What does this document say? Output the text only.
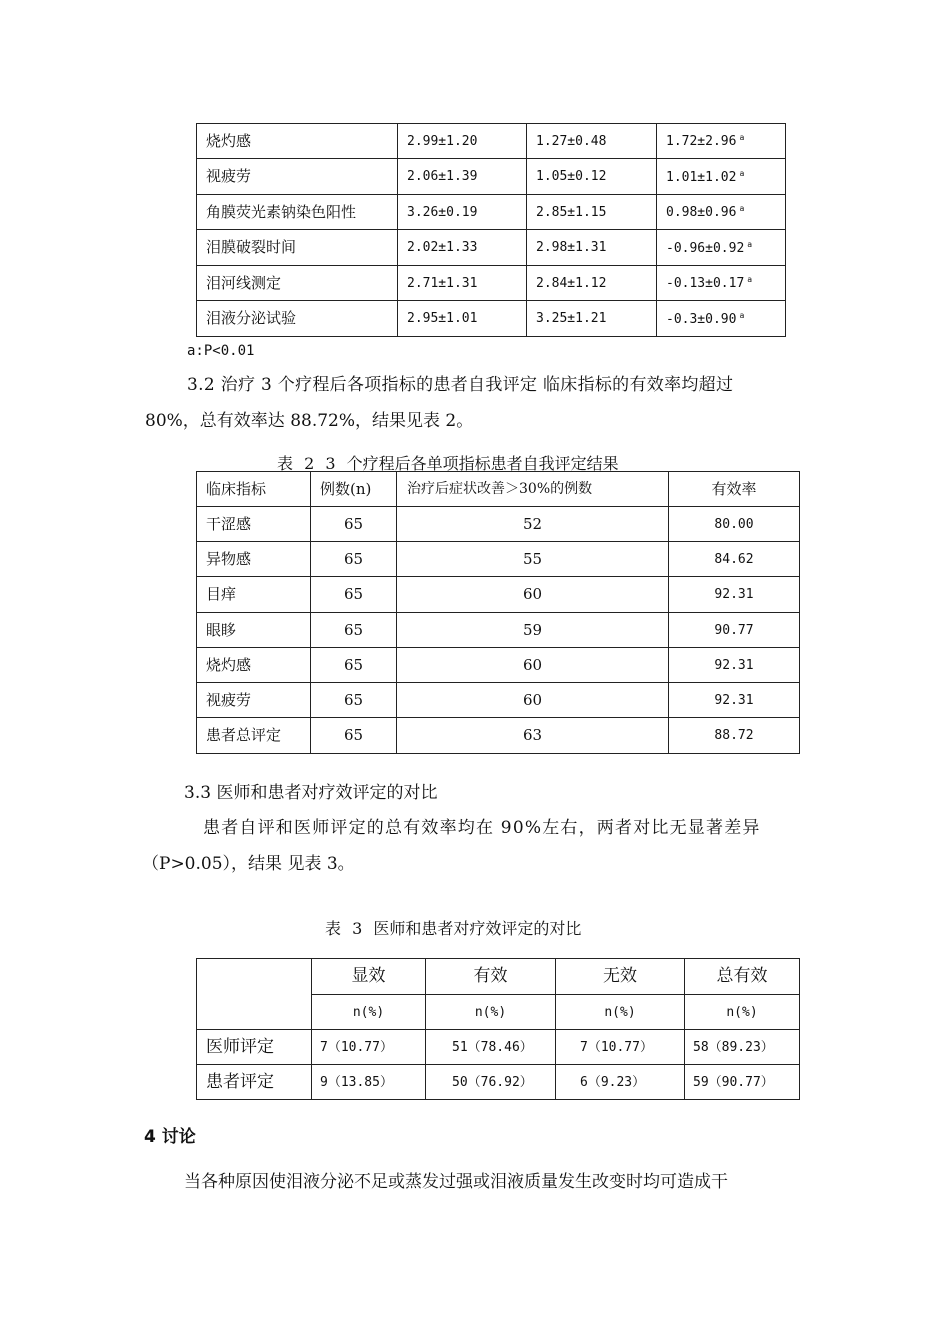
烧灼感	2.99±1.20	1.27±0.48	1.72±2.96 $^a$
视疲劳	2.06±1.39	1.05±0.12	1.01±1.02 $^a$
角膜荧光素钠染色阳性	3.26±0.19	2.85±1.15	0.98±0.96 $^a$
泪膜破裂时间	2.02±1.33	2.98±1.31	-0.96±0.92 $^a$
泪河线测定	2.71±1.31	2.84±1.12	-0.13±0.17 $^a$
泪液分泌试验	2.95±1.01	3.25±1.21	-0.3±0.90 $^a$
a:P<0.01
3.2 治疗 3 个疗程后各项指标的患者自我评定 临床指标的有效率均超过
80%，总有效率达 88.72%，结果见表 2。
表 2 3 个疗程后各单项指标患者自我评定结果
临床指标	例数(n)	治疗后症状改善＞30%的例数	有效率
干涩感	65	52	80.00
异物感	65	55	84.62
目痒	65	60	92.31
眼眵	65	59	90.77
烧灼感	65	60	92.31
视疲劳	65	60	92.31
患者总评定	65	63	88.72
3.3 医师和患者对疗效评定的对比
患者自评和医师评定的总有效率均在 90%左右，两者对比无显著差异
（P>0.05），结果 见表 3。
表 3 医师和患者对疗效评定的对比
	显效	有效	无效	总有效
	n(%)	n(%)	n(%)	n(%)
医师评定	7（10.77）	51（78.46）	7（10.77）	58（89.23）
患者评定	9（13.85）	50（76.92）	6（9.23）	59（90.77）
4 讨论
当各种原因使泪液分泌不足或蒸发过强或泪液质量发生改变时均可造成干
